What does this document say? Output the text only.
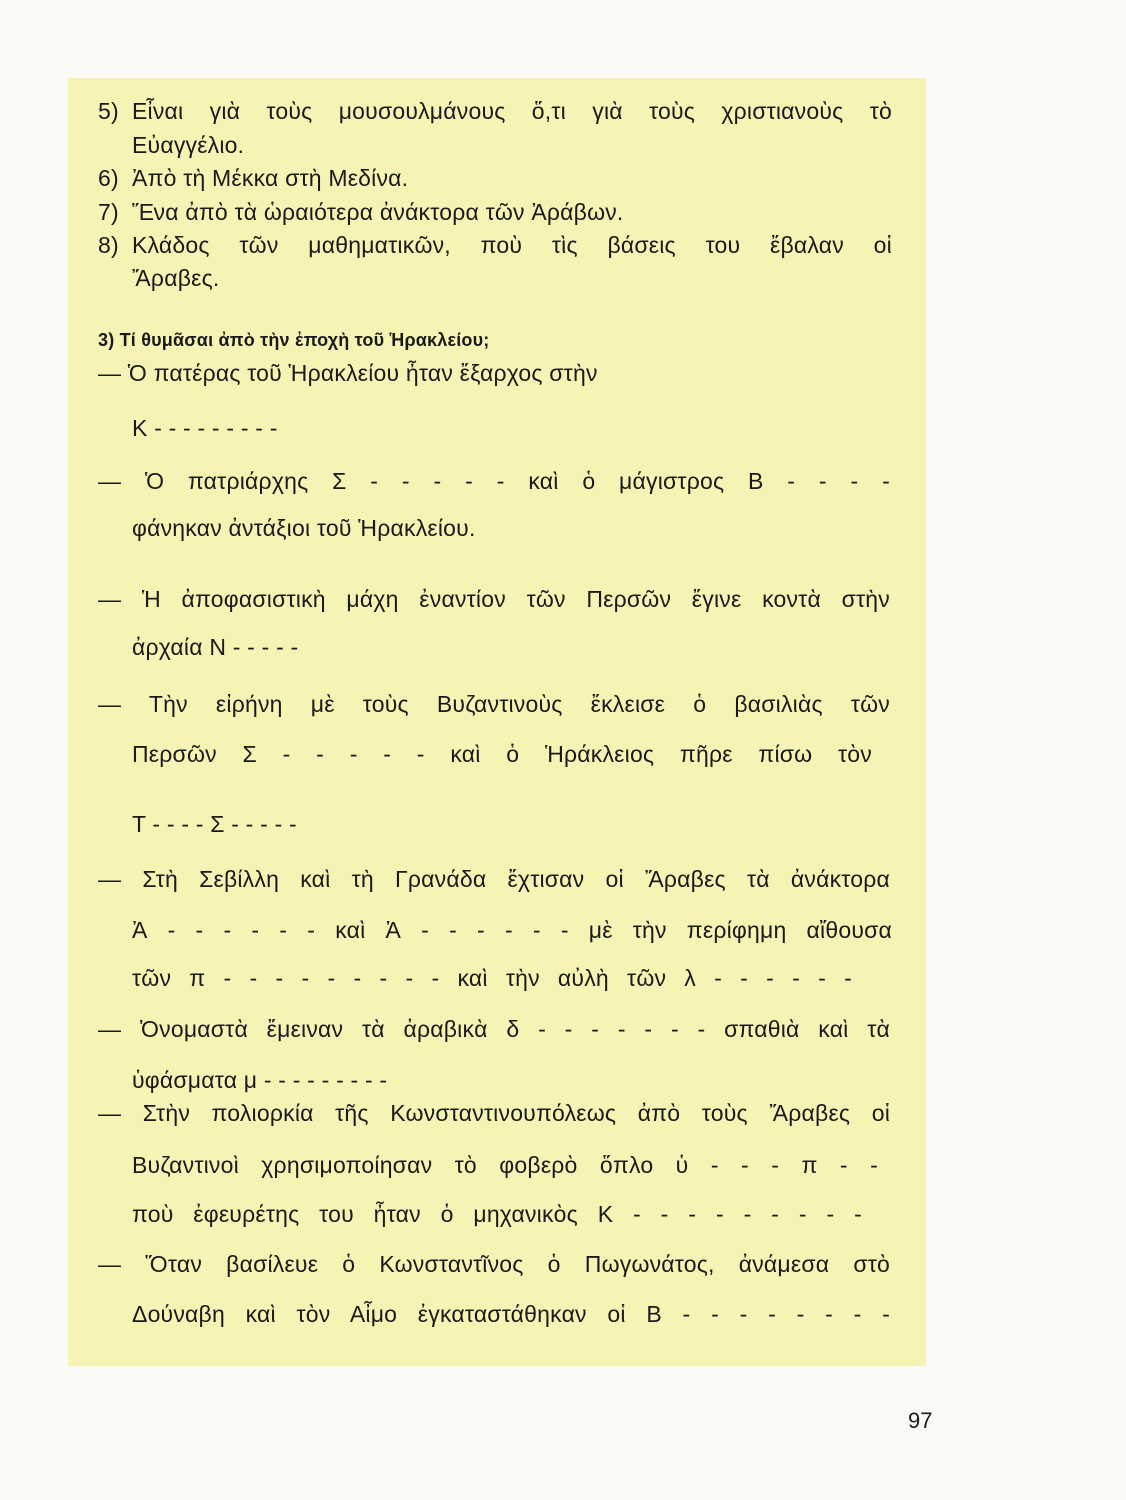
5) Εἶναι γιὰ τοὺς μουσουλμάνους ὅ,τι γιὰ τοὺς χριστιανοὺς τὸ
Εὐαγγέλιο.
6) Ἀπὸ τὴ Μέκκα στὴ Μεδίνα.
7) Ἕνα ἀπὸ τὰ ὡραιότερα ἀνάκτορα τῶν Ἀράβων.
8) Κλάδος τῶν μαθηματικῶν, ποὺ τὶς βάσεις του ἔβαλαν οἱ
Ἄραβες.
3) Τί θυμᾶσαι ἀπὸ τὴν ἐποχὴ τοῦ Ἡρακλείου;
— Ὁ πατέρας τοῦ Ἡρακλείου ἦταν ἔξαρχος στὴν
Κ - - - - - - - - -
— Ὁ πατριάρχης Σ - - - - - καὶ ὁ μάγιστρος Β - - - -
φάνηκαν ἀντάξιοι τοῦ Ἡρακλείου.
— Ἡ ἀποφασιστικὴ μάχη ἐναντίον τῶν Περσῶν ἔγινε κοντὰ στὴν
ἀρχαία Ν - - - - -
— Τὴν εἰρήνη μὲ τοὺς Βυζαντινοὺς ἔκλεισε ὁ βασιλιὰς τῶν
Περσῶν Σ - - - - - καὶ ὁ Ἡράκλειος πῆρε πίσω τὸν
Τ - - - - Σ - - - - -
— Στὴ Σεβίλλη καὶ τὴ Γρανάδα ἔχτισαν οἱ Ἄραβες τὰ ἀνάκτορα
Ἀ - - - - - - καὶ Ἀ - - - - - - μὲ τὴν περίφημη αἴθουσα
τῶν π - - - - - - - - - καὶ τὴν αὐλὴ τῶν λ - - - - - -
— Ὀνομαστὰ ἔμειναν τὰ ἀραβικὰ δ - - - - - - - σπαθιὰ καὶ τὰ
ὑφάσματα μ - - - - - - - - -
— Στὴν πολιορκία τῆς Κωνσταντινουπόλεως ἀπὸ τοὺς Ἄραβες οἱ
Βυζαντινοὶ χρησιμοποίησαν τὸ φοβερὸ ὅπλο ὑ - - - π - -
ποὺ ἐφευρέτης του ἦταν ὁ μηχανικὸς Κ - - - - - - - - -
— Ὅταν βασίλευε ὁ Κωνσταντῖνος ὁ Πωγωνάτος, ἀνάμεσα στὸ
Δούναβη καὶ τὸν Αἶμο ἐγκαταστάθηκαν οἱ Β - - - - - - - -
97
